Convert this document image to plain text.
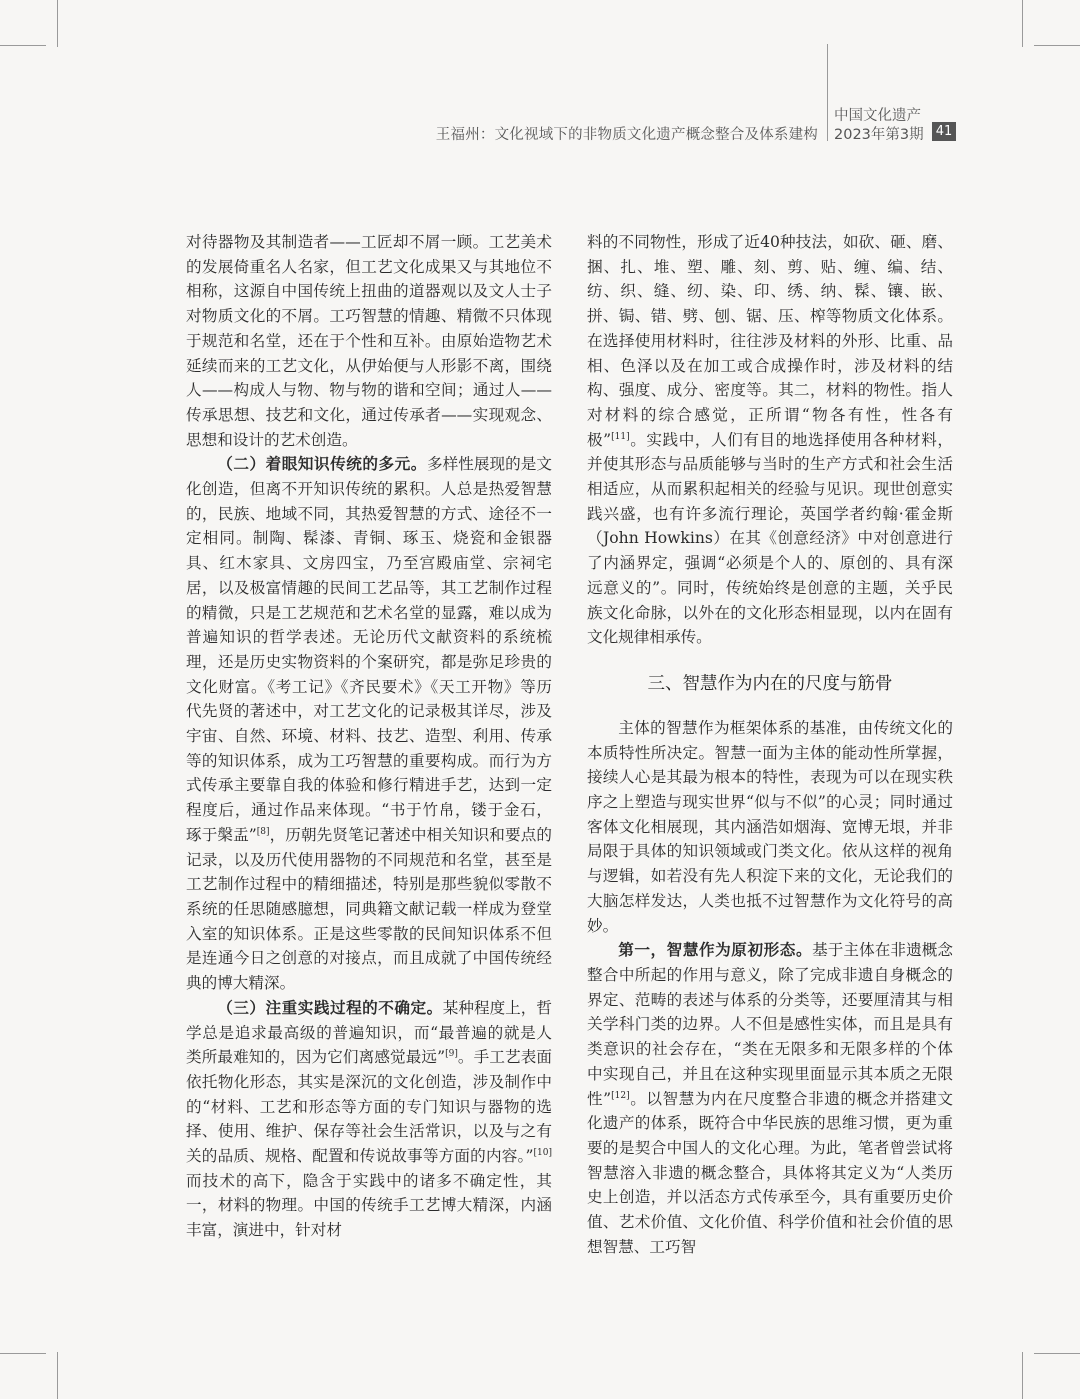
王福州：文化视域下的非物质文化遗产概念整合及体系建构
中国文化遗产
2023年第3期 41

对待器物及其制造者——工匠却不屑一顾。工艺美术的发展倚重名人名家，但工艺文化成果又与其地位不相称，这源自中国传统上扭曲的道器观以及文人士子对物质文化的不屑。工巧智慧的情趣、精微不只体现于规范和名堂，还在于个性和互补。由原始造物艺术延续而来的工艺文化，从伊始便与人形影不离，围绕人——构成人与物、物与物的谐和空间；通过人——传承思想、技艺和文化，通过传承者——实现观念、思想和设计的艺术创造。

（二）着眼知识传统的多元。多样性展现的是文化创造，但离不开知识传统的累积。人总是热爱智慧的，民族、地域不同，其热爱智慧的方式、途径不一定相同。制陶、髹漆、青铜、琢玉、烧瓷和金银器具、红木家具、文房四宝，乃至宫殿庙堂、宗祠宅居，以及极富情趣的民间工艺品等，其工艺制作过程的精微，只是工艺规范和艺术名堂的显露，难以成为普遍知识的哲学表述。无论历代文献资料的系统梳理，还是历史实物资料的个案研究，都是弥足珍贵的文化财富。《考工记》《齐民要术》《天工开物》等历代先贤的著述中，对工艺文化的记录极其详尽，涉及宇宙、自然、环境、材料、技艺、造型、利用、传承等的知识体系，成为工巧智慧的重要构成。而行为方式传承主要靠自我的体验和修行精进手艺，达到一定程度后，通过作品来体现。“书于竹帛，镂于金石，琢于槃盂”[8]，历朝先贤笔记著述中相关知识和要点的记录，以及历代使用器物的不同规范和名堂，甚至是工艺制作过程中的精细描述，特别是那些貌似零散不系统的任思随感臆想，同典籍文献记载一样成为登堂入室的知识体系。正是这些零散的民间知识体系不但是连通今日之创意的对接点，而且成就了中国传统经典的博大精深。

（三）注重实践过程的不确定。某种程度上，哲学总是追求最高级的普遍知识，而“最普遍的就是人类所最难知的，因为它们离感觉最远”[9]。手工艺表面依托物化形态，其实是深沉的文化创造，涉及制作中的“材料、工艺和形态等方面的专门知识与器物的选择、使用、维护、保存等社会生活常识，以及与之有关的品质、规格、配置和传说故事等方面的内容。”[10]而技术的高下，隐含于实践中的诸多不确定性，其一，材料的物理。中国的传统手工艺博大精深，内涵丰富，演进中，针对材

料的不同物性，形成了近40种技法，如砍、砸、磨、捆、扎、堆、塑、雕、刻、剪、贴、缠、编、结、纺、织、缝、纫、染、印、绣、纳、髹、镶、嵌、拼、锔、错、劈、刨、锯、压、榨等物质文化体系。在选择使用材料时，往往涉及材料的外形、比重、品相、色泽以及在加工或合成操作时，涉及材料的结构、强度、成分、密度等。其二，材料的物性。指人对材料的综合感觉，正所谓“物各有性，性各有极”[11]。实践中，人们有目的地选择使用各种材料，并使其形态与品质能够与当时的生产方式和社会生活相适应，从而累积起相关的经验与见识。现世创意实践兴盛，也有许多流行理论，英国学者约翰·霍金斯（John Howkins）在其《创意经济》中对创意进行了内涵界定，强调“必须是个人的、原创的、具有深远意义的”。同时，传统始终是创意的主题，关乎民族文化命脉，以外在的文化形态相显现，以内在固有文化规律相承传。

三、智慧作为内在的尺度与筋骨

主体的智慧作为框架体系的基准，由传统文化的本质特性所决定。智慧一面为主体的能动性所掌握，接续人心是其最为根本的特性，表现为可以在现实秩序之上塑造与现实世界“似与不似”的心灵；同时通过客体文化相展现，其内涵浩如烟海、宽博无垠，并非局限于具体的知识领域或门类文化。依从这样的视角与逻辑，如若没有先人积淀下来的文化，无论我们的大脑怎样发达，人类也抵不过智慧作为文化符号的高妙。

第一，智慧作为原初形态。基于主体在非遗概念整合中所起的作用与意义，除了完成非遗自身概念的界定、范畴的表述与体系的分类等，还要厘清其与相关学科门类的边界。人不但是感性实体，而且是具有类意识的社会存在，“类在无限多和无限多样的个体中实现自己，并且在这种实现里面显示其本质之无限性”[12]。以智慧为内在尺度整合非遗的概念并搭建文化遗产的体系，既符合中华民族的思维习惯，更为重要的是契合中国人的文化心理。为此，笔者曾尝试将智慧溶入非遗的概念整合，具体将其定义为“人类历史上创造，并以活态方式传承至今，具有重要历史价值、艺术价值、文化价值、科学价值和社会价值的思想智慧、工巧智
